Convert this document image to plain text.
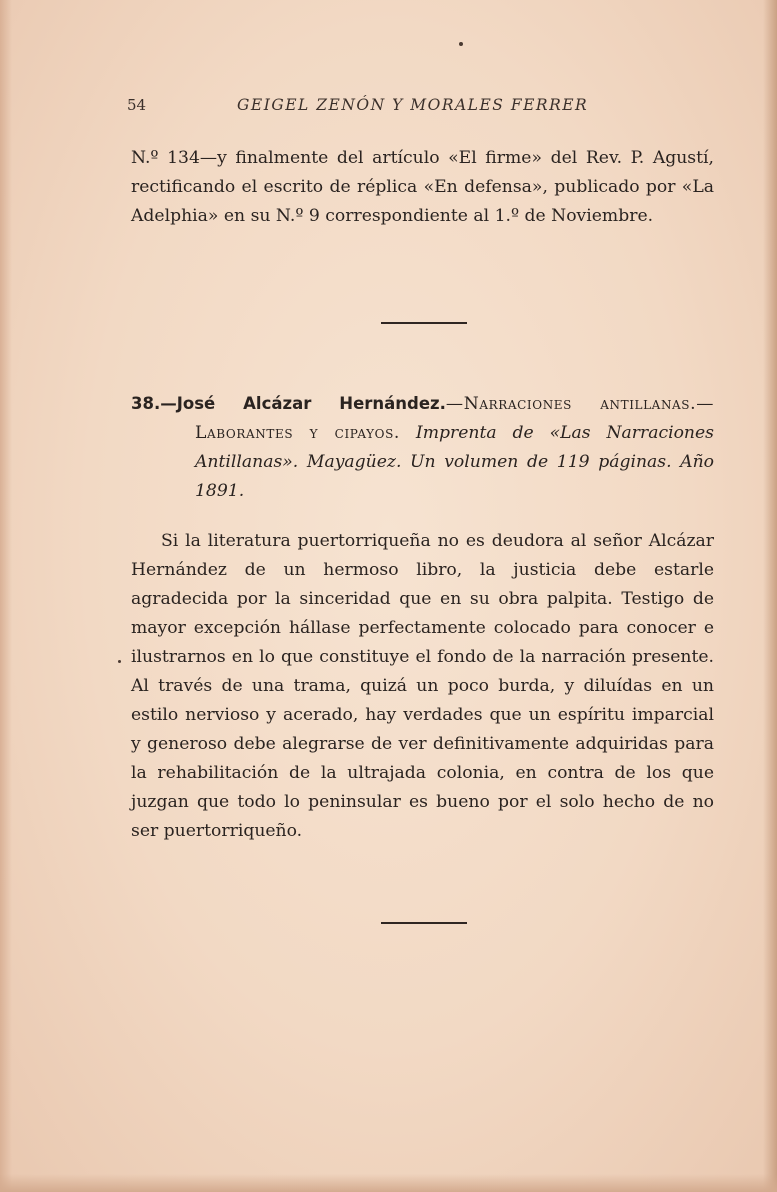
54	GEIGEL ZENÓN Y MORALES FERRER

N.º 134—y finalmente del artículo «El firme» del Rev. P. Agustí, rectificando el escrito de réplica «En defensa», publicado por «La Adelphia» en su N.º 9 correspondiente al 1.º de Noviembre.

38.—José Alcázar Hernández.—Narraciones antillanas.—Laborantes y cipayos. Imprenta de «Las Narraciones Antillanas». Mayagüez. Un volumen de 119 páginas. Año 1891.

Si la literatura puertorriqueña no es deudora al señor Alcázar Hernández de un hermoso libro, la justicia debe estarle agradecida por la sinceridad que en su obra palpita. Testigo de mayor excepción hállase perfectamente colocado para conocer e ilustrarnos en lo que constituye el fondo de la narración presente. Al través de una trama, quizá un poco burda, y diluídas en un estilo nervioso y acerado, hay verdades que un espíritu imparcial y generoso debe alegrarse de ver definitivamente adquiridas para la rehabilitación de la ultrajada colonia, en contra de los que juzgan que todo lo peninsular es bueno por el solo hecho de no ser puertorriqueño.
